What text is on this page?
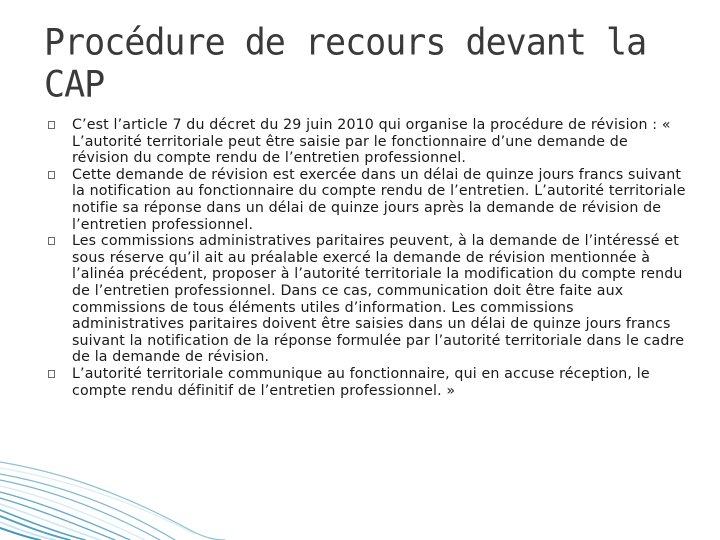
Procédure de recours devant la CAP
C’est l’article 7 du décret du 29 juin 2010 qui organise la procédure de révision : « L’autorité territoriale peut être saisie par le fonctionnaire d’une demande de révision du compte rendu de l’entretien professionnel.
Cette demande de révision est exercée dans un délai de quinze jours francs suivant la notification au fonctionnaire du compte rendu de l’entretien. L’autorité territoriale notifie sa réponse dans un délai de quinze jours après la demande de révision de l’entretien professionnel.
Les commissions administratives paritaires peuvent, à la demande de l’intéressé et sous réserve qu’il ait au préalable exercé la demande de révision mentionnée à l’alinéa précédent, proposer à l’autorité territoriale la modification du compte rendu de l’entretien professionnel. Dans ce cas, communication doit être faite aux commissions de tous éléments utiles d’information. Les commissions administratives paritaires doivent être saisies dans un délai de quinze jours francs suivant la notification de la réponse formulée par l’autorité territoriale dans le cadre de la demande de révision.
L’autorité territoriale communique au fonctionnaire, qui en accuse réception, le compte rendu définitif de l’entretien professionnel. »
